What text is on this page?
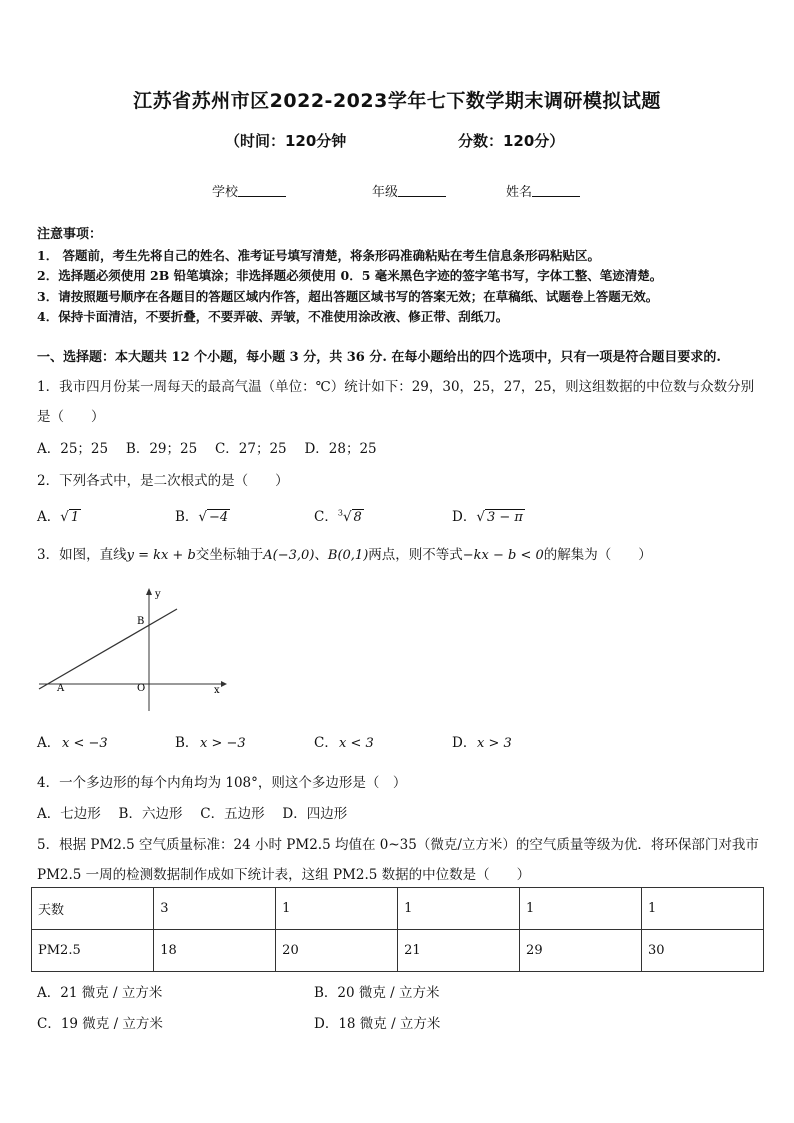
江苏省苏州市区2022-2023学年七下数学期末调研模拟试题
（时间：120分钟	分数：120分）
学校	年级	姓名
注意事项：
1． 答题前，考生先将自己的姓名、准考证号填写清楚，将条形码准确粘贴在考生信息条形码粘贴区。
2．选择题必须使用 2B 铅笔填涂；非选择题必须使用 0．5 毫米黑色字迹的签字笔书写，字体工整、笔迹清楚。
3．请按照题号顺序在各题目的答题区域内作答，超出答题区域书写的答案无效；在草稿纸、试题卷上答题无效。
4．保持卡面清洁，不要折叠，不要弄破、弄皱，不准使用涂改液、修正带、刮纸刀。
一、选择题：本大题共 12 个小题，每小题 3 分，共 36 分. 在每小题给出的四个选项中，只有一项是符合题目要求的.
1．我市四月份某一周每天的最高气温（单位：℃）统计如下：29，30，25，27，25，则这组数据的中位数与众数分别
是（　　）
A．25；25　 B．29；25　 C．27；25　 D．28；25
2．下列各式中，是二次根式的是（　　）
A．√ 1	B．√ −4	C．$^3$√ 8	D．√ 3 − π
3．如图，直线y = kx + b交坐标轴于A(−3,0)、B(0,1)两点，则不等式−kx − b < 0的解集为（　　）
y
x
B
A	O
A． x < −3	B． x > −3	C． x < 3	D． x > 3
4．一个多边形的每个内角均为 108°，则这个多边形是（　）
A．七边形　 B．六边形　 C．五边形　 D．四边形
5．根据 PM2.5 空气质量标准：24 小时 PM2.5 均值在 0~35（微克/立方米）的空气质量等级为优．将环保部门对我市
PM2.5 一周的检测数据制作成如下统计表，这组 PM2.5 数据的中位数是（　　）
天数	3	1	1	1	1
PM2.5	18	20	21	29	30
A．21 微克 / 立方米	B．20 微克 / 立方米
C．19 微克 / 立方米	D．18 微克 / 立方米
